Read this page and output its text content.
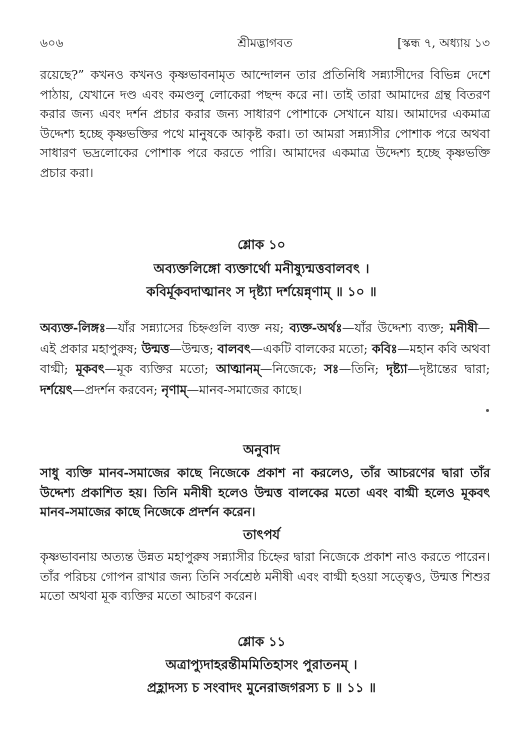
৬০৬	শ্রীমদ্ভাগবত	[স্কন্ধ ৭, অধ্যায় ১৩

রয়েছে?” কখনও কখনও কৃষ্ণভাবনামৃত আন্দোলন তার প্রতিনিধি সন্ন্যাসীদের বিভিন্ন দেশে পাঠায়, যেখানে দণ্ড এবং কমণ্ডলু লোকেরা পছন্দ করে না। তাই তারা আমাদের গ্রন্থ বিতরণ করার জন্য এবং দর্শন প্রচার করার জন্য সাধারণ পোশাকে সেখানে যায়। আমাদের একমাত্র উদ্দেশ্য হচ্ছে কৃষ্ণভক্তির পথে মানুষকে আকৃষ্ট করা। তা আমরা সন্ন্যাসীর পোশাক পরে অথবা সাধারণ ভদ্রলোকের পোশাক পরে করতে পারি। আমাদের একমাত্র উদ্দেশ্য হচ্ছে কৃষ্ণভক্তি প্রচার করা।

শ্লোক ১০
অব্যক্তলিঙ্গো ব্যক্তার্থো মনীষ্যুন্মত্তবালবৎ ।
কবির্মূকবদাত্মানং স দৃষ্ট্যা দর্শয়েন্নৃণাম্ ॥ ১০ ॥

অব্যক্ত-লিঙ্গঃ—যাঁর সন্ন্যাসের চিহ্নগুলি ব্যক্ত নয়; ব্যক্ত-অর্থঃ—যাঁর উদ্দেশ্য ব্যক্ত; মনীষী—এই প্রকার মহাপুরুষ; উন্মত্ত—উন্মত্ত; বালবৎ—একটি বালকের মতো; কবিঃ—মহান কবি অথবা বাগ্মী; মূকবৎ—মূক ব্যক্তির মতো; আত্মানম্—নিজেকে; সঃ—তিনি; দৃষ্ট্যা—দৃষ্টান্তের দ্বারা; দর্শয়েৎ—প্রদর্শন করবেন; নৃণাম্—মানব-সমাজের কাছে।

অনুবাদ

সাধু ব্যক্তি মানব-সমাজের কাছে নিজেকে প্রকাশ না করলেও, তাঁর আচরণের দ্বারা তাঁর উদ্দেশ্য প্রকাশিত হয়। তিনি মনীষী হলেও উন্মত্ত বালকের মতো এবং বাগ্মী হলেও মূকবৎ মানব-সমাজের কাছে নিজেকে প্রদর্শন করেন।

তাৎপর্য

কৃষ্ণভাবনায় অত্যন্ত উন্নত মহাপুরুষ সন্ন্যাসীর চিহ্নের দ্বারা নিজেকে প্রকাশ নাও করতে পারেন। তাঁর পরিচয় গোপন রাখার জন্য তিনি সর্বশ্রেষ্ঠ মনীষী এবং বাগ্মী হওয়া সত্ত্বেও, উন্মত্ত শিশুর মতো অথবা মূক ব্যক্তির মতো আচরণ করেন।

শ্লোক ১১
অত্রাপ্যুদাহরন্তীমমিতিহাসং পুরাতনম্ ।
প্রহ্লাদস্য চ সংবাদং মুনেরাজগরস্য চ ॥ ১১ ॥
